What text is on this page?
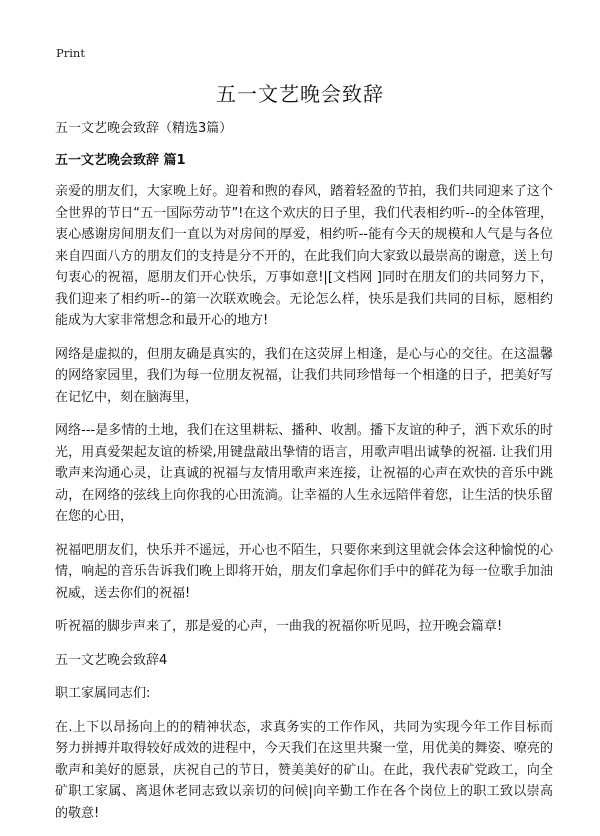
Print
五一文艺晚会致辞

五一文艺晚会致辞（精选3篇）

五一文艺晚会致辞 篇1

亲爱的朋友们，大家晚上好。迎着和煦的春风，踏着轻盈的节拍，我们共同迎来了这个全世界的节日“五一国际劳动节”!在这个欢庆的日子里，我们代表相约听--的全体管理，衷心感谢房间朋友们一直以为对房间的厚爱，相约听--能有今天的规模和人气是与各位来自四面八方的朋友们的支持是分不开的，在此我们向大家致以最崇高的谢意，送上句句衷心的祝福，愿朋友们开心快乐，万事如意!|[文档网 ]同时在朋友们的共同努力下，我们迎来了相约听--的第一次联欢晚会。无论怎么样，快乐是我们共同的目标，愿相约能成为大家非常想念和最开心的地方!

网络是虚拟的，但朋友确是真实的，我们在这荧屏上相逢，是心与心的交往。在这温馨的网络家园里，我们为每一位朋友祝福，让我们共同珍惜每一个相逢的日子，把美好写在记忆中，刻在脑海里，

网络---是多情的土地，我们在这里耕耘、播种、收割。播下友谊的种子，洒下欢乐的时光，用真爱架起友谊的桥梁,用键盘敲出挚情的语言，用歌声唱出诚挚的祝福. 让我们用歌声来沟通心灵，让真诚的祝福与友情用歌声来连接，让祝福的心声在欢快的音乐中跳动，在网络的弦线上向你我的心田流淌。让幸福的人生永远陪伴着您，让生活的快乐留在您的心田，

祝福吧朋友们，快乐并不遥远，开心也不陌生，只要你来到这里就会体会这种愉悦的心情，响起的音乐告诉我们晚上即将开始，朋友们拿起你们手中的鲜花为每一位歌手加油祝威，送去你们的祝福!

听祝福的脚步声来了，那是爱的心声，一曲我的祝福你听见吗，拉开晚会篇章!

五一文艺晚会致辞4

职工家属同志们:

在.上下以昂扬向上的的精神状态，求真务实的工作作风，共同为实现今年工作目标而努力拼搏并取得较好成效的进程中，今天我们在这里共聚一堂，用优美的舞姿、嘹亮的歌声和美好的愿景，庆祝自己的节日，赞美美好的矿山。在此，我代表矿党政工，向全矿职工家属、离退休老同志致以亲切的问候|向辛勤工作在各个岗位上的职工致以崇高的敬意!
